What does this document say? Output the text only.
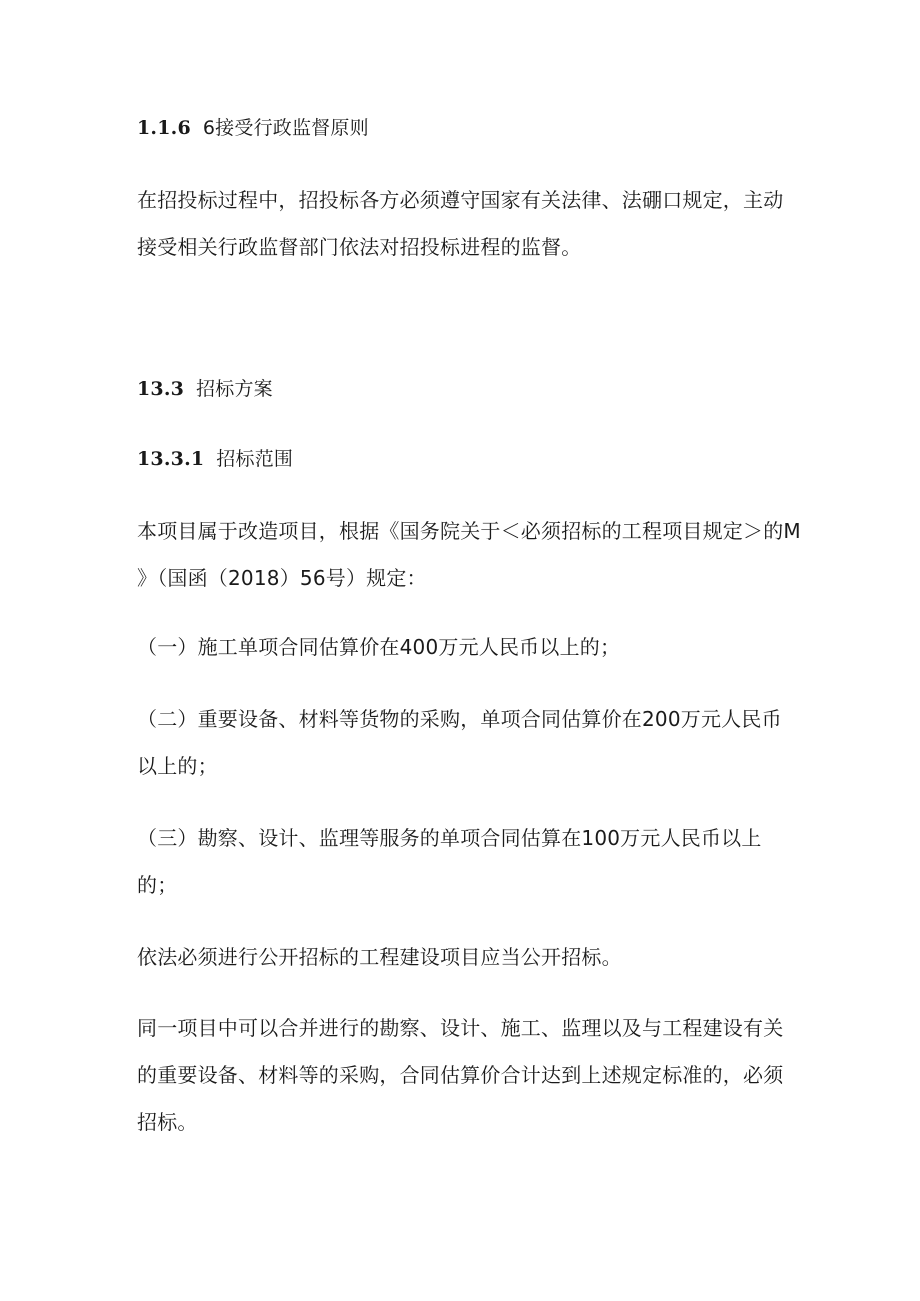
1.1.6 6接受行政监督原则
在招投标过程中，招投标各方必须遵守国家有关法律、法硼口规定，主动
接受相关行政监督部门依法对招投标进程的监督。
13.3 招标方案
13.3.1 招标范围
本项目属于改造项目，根据《国务院关于＜必须招标的工程项目规定＞的M
》（国函（2018）56号）规定：
（一）施工单项合同估算价在400万元人民币以上的；
（二）重要设备、材料等货物的采购，单项合同估算价在200万元人民币
以上的；
（三）勘察、设计、监理等服务的单项合同估算在100万元人民币以上
的；
依法必须进行公开招标的工程建设项目应当公开招标。
同一项目中可以合并进行的勘察、设计、施工、监理以及与工程建设有关
的重要设备、材料等的采购，合同估算价合计达到上述规定标准的，必须
招标。
